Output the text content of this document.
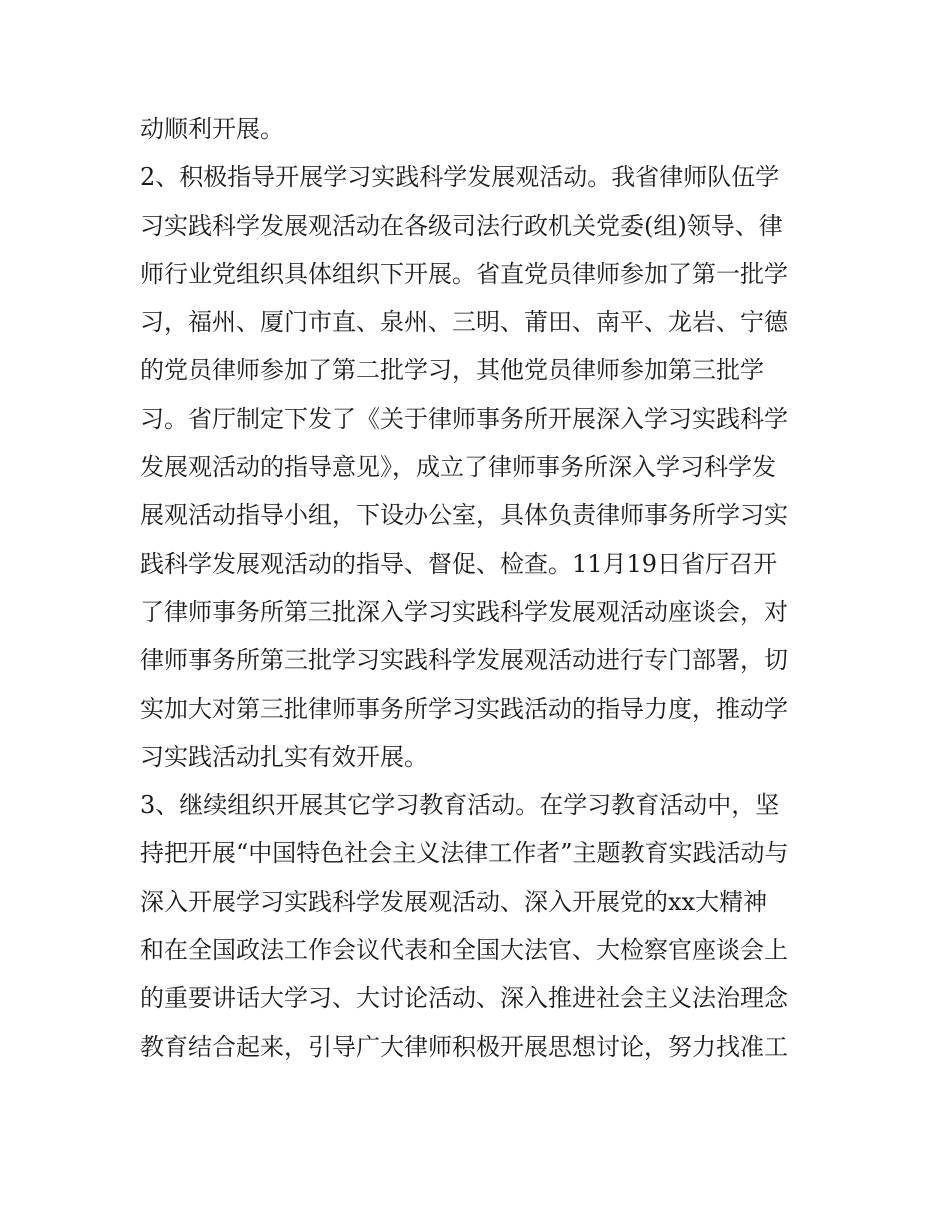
动顺利开展。
2、积极指导开展学习实践科学发展观活动。我省律师队伍学
习实践科学发展观活动在各级司法行政机关党委(组)领导、律
师行业党组织具体组织下开展。省直党员律师参加了第一批学
习，福州、厦门市直、泉州、三明、莆田、南平、龙岩、宁德
的党员律师参加了第二批学习，其他党员律师参加第三批学
习。省厅制定下发了《关于律师事务所开展深入学习实践科学
发展观活动的指导意见》，成立了律师事务所深入学习科学发
展观活动指导小组，下设办公室，具体负责律师事务所学习实
践科学发展观活动的指导、督促、检查。11月19日省厅召开
了律师事务所第三批深入学习实践科学发展观活动座谈会，对
律师事务所第三批学习实践科学发展观活动进行专门部署，切
实加大对第三批律师事务所学习实践活动的指导力度，推动学
习实践活动扎实有效开展。
3、继续组织开展其它学习教育活动。在学习教育活动中，坚
持把开展“中国特色社会主义法律工作者”主题教育实践活动与
深入开展学习实践科学发展观活动、深入开展党的xx大精神
和在全国政法工作会议代表和全国大法官、大检察官座谈会上
的重要讲话大学习、大讨论活动、深入推进社会主义法治理念
教育结合起来，引导广大律师积极开展思想讨论，努力找准工
